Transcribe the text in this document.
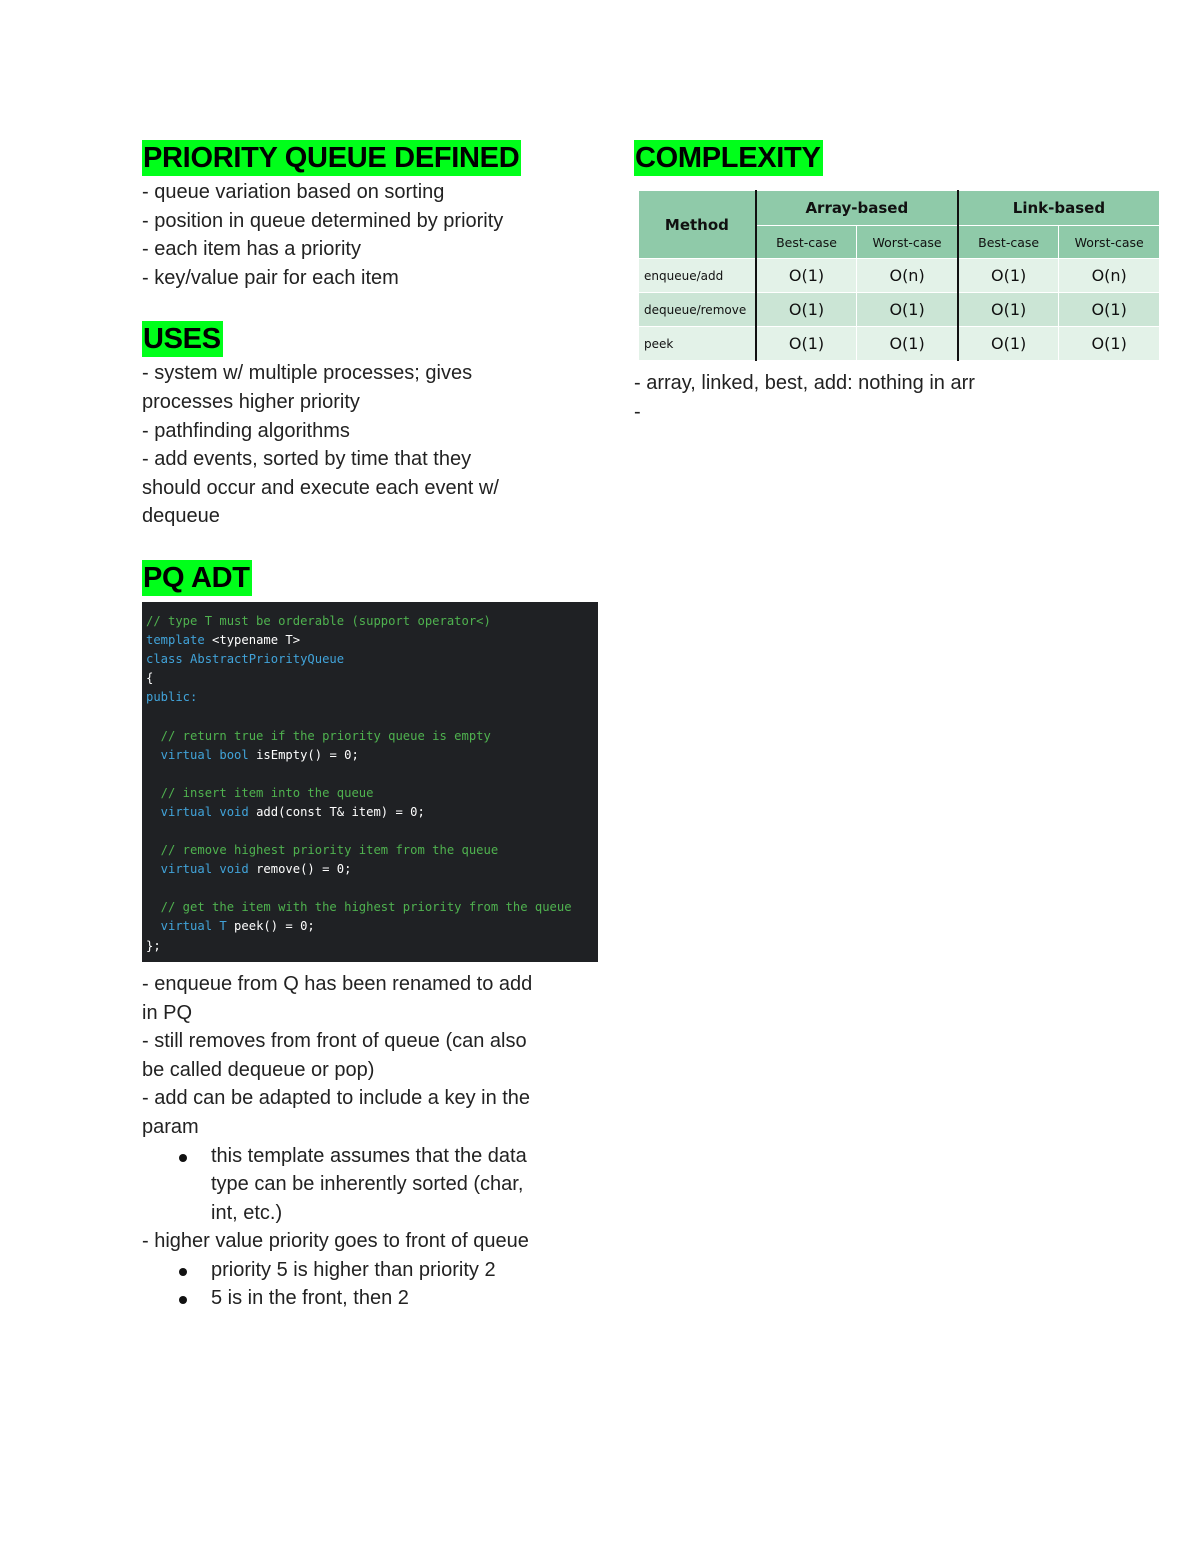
PRIORITY QUEUE DEFINED

- queue variation based on sorting

- position in queue determined by priority

- each item has a priority

- key/value pair for each item

USES

- system w/ multiple processes; gives

processes higher priority

- pathfinding algorithms

- add events, sorted by time that they

should occur and execute each event w/

dequeue

PQ ADT
// type T must be orderable (support operator<)
template <typename T>
class AbstractPriorityQueue
{
public:
// return true if the priority queue is empty
virtual bool isEmpty() = 0;
// insert item into the queue
virtual void add(const T& item) = 0;
// remove highest priority item from the queue
virtual void remove() = 0;
// get the item with the highest priority from the queue
virtual T peek() = 0;
};

- enqueue from Q has been renamed to add

in PQ

- still removes from front of queue (can also

be called dequeue or pop)

- add can be adapted to include a key in the

param

this template assumes that the data
type can be inherently sorted (char,
int, etc.)

- higher value priority goes to front of queue

priority 5 is higher than priority 2
5 is in the front, then 2
COMPLEXITY
Method	Array-based		Link-based	
	Best-case	Worst-case	Best-case	Worst-case
enqueue/add	O(1)	O(n)	O(1)	O(n)
dequeue/remove	O(1)	O(1)	O(1)	O(1)
peek	O(1)	O(1)	O(1)	O(1)

- array, linked, best, add: nothing in arr

-
